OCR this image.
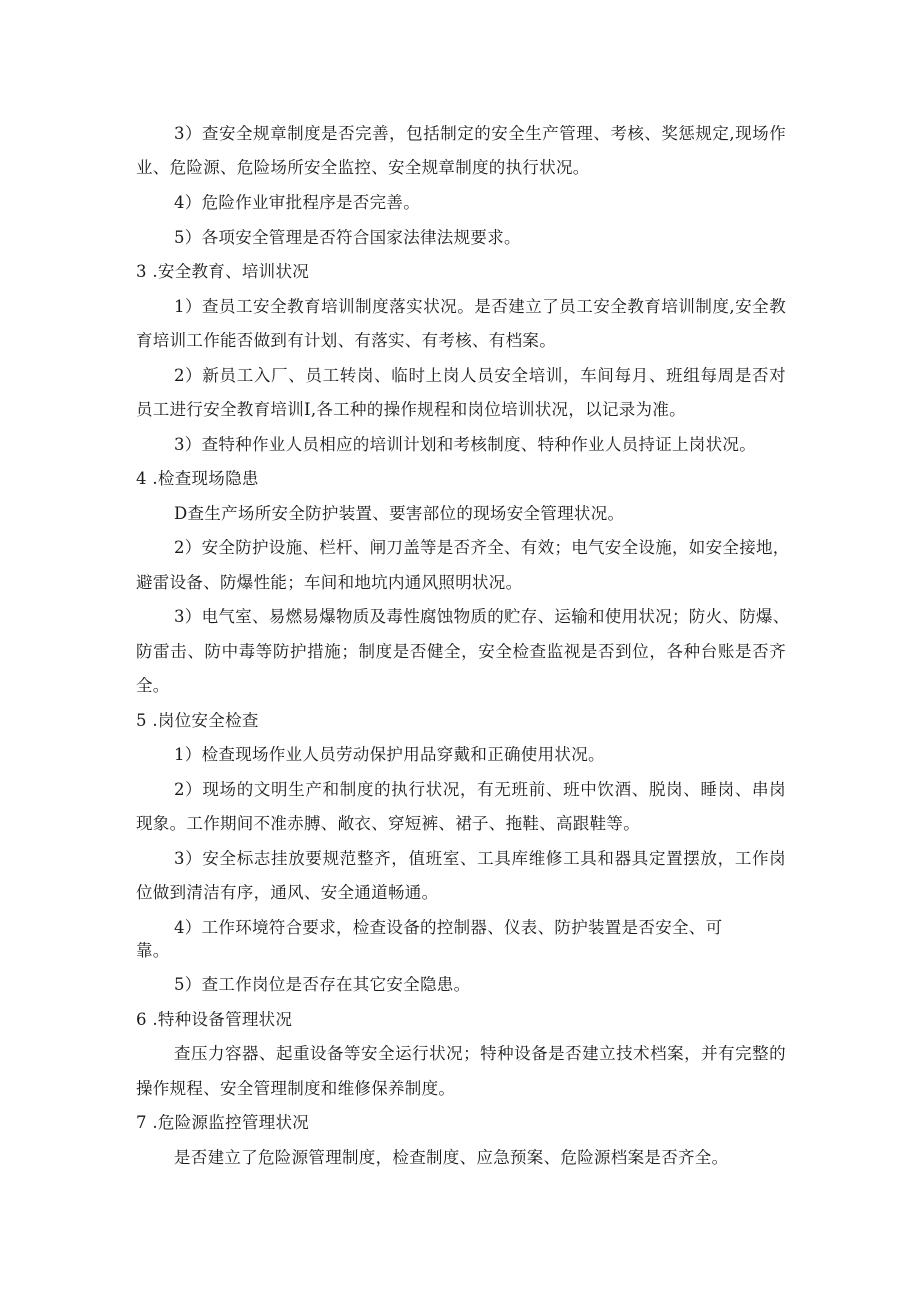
3）查安全规章制度是否完善，包括制定的安全生产管理、考核、奖惩规定,现场作
业、危险源、危险场所安全监控、安全规章制度的执行状况。
4）危险作业审批程序是否完善。
5）各项安全管理是否符合国家法律法规要求。
3 .安全教育、培训状况
1）查员工安全教育培训制度落实状况。是否建立了员工安全教育培训制度,安全教
育培训工作能否做到有计划、有落实、有考核、有档案。
2）新员工入厂、员工转岗、临时上岗人员安全培训，车间每月、班组每周是否对
员工进行安全教育培训I,各工种的操作规程和岗位培训状况，以记录为准。
3）查特种作业人员相应的培训计划和考核制度、特种作业人员持证上岗状况。
4 .检查现场隐患
D查生产场所安全防护装置、要害部位的现场安全管理状况。
2）安全防护设施、栏杆、闸刀盖等是否齐全、有效；电气安全设施，如安全接地，
避雷设备、防爆性能；车间和地坑内通风照明状况。
3）电气室、易燃易爆物质及毒性腐蚀物质的贮存、运输和使用状况；防火、防爆、
防雷击、防中毒等防护措施；制度是否健全，安全检查监视是否到位，各种台账是否齐
全。
5 .岗位安全检查
1）检查现场作业人员劳动保护用品穿戴和正确使用状况。
2）现场的文明生产和制度的执行状况，有无班前、班中饮酒、脱岗、睡岗、串岗
现象。工作期间不准赤膊、敞衣、穿短裤、裙子、拖鞋、高跟鞋等。
3）安全标志挂放要规范整齐，值班室、工具库维修工具和器具定置摆放，工作岗
位做到清洁有序，通风、安全通道畅通。
4）工作环境符合要求，检查设备的控制器、仪表、防护装置是否安全、可
靠。
5）查工作岗位是否存在其它安全隐患。
6 .特种设备管理状况
查压力容器、起重设备等安全运行状况；特种设备是否建立技术档案，并有完整的
操作规程、安全管理制度和维修保养制度。
7 .危险源监控管理状况
是否建立了危险源管理制度，检查制度、应急预案、危险源档案是否齐全。
